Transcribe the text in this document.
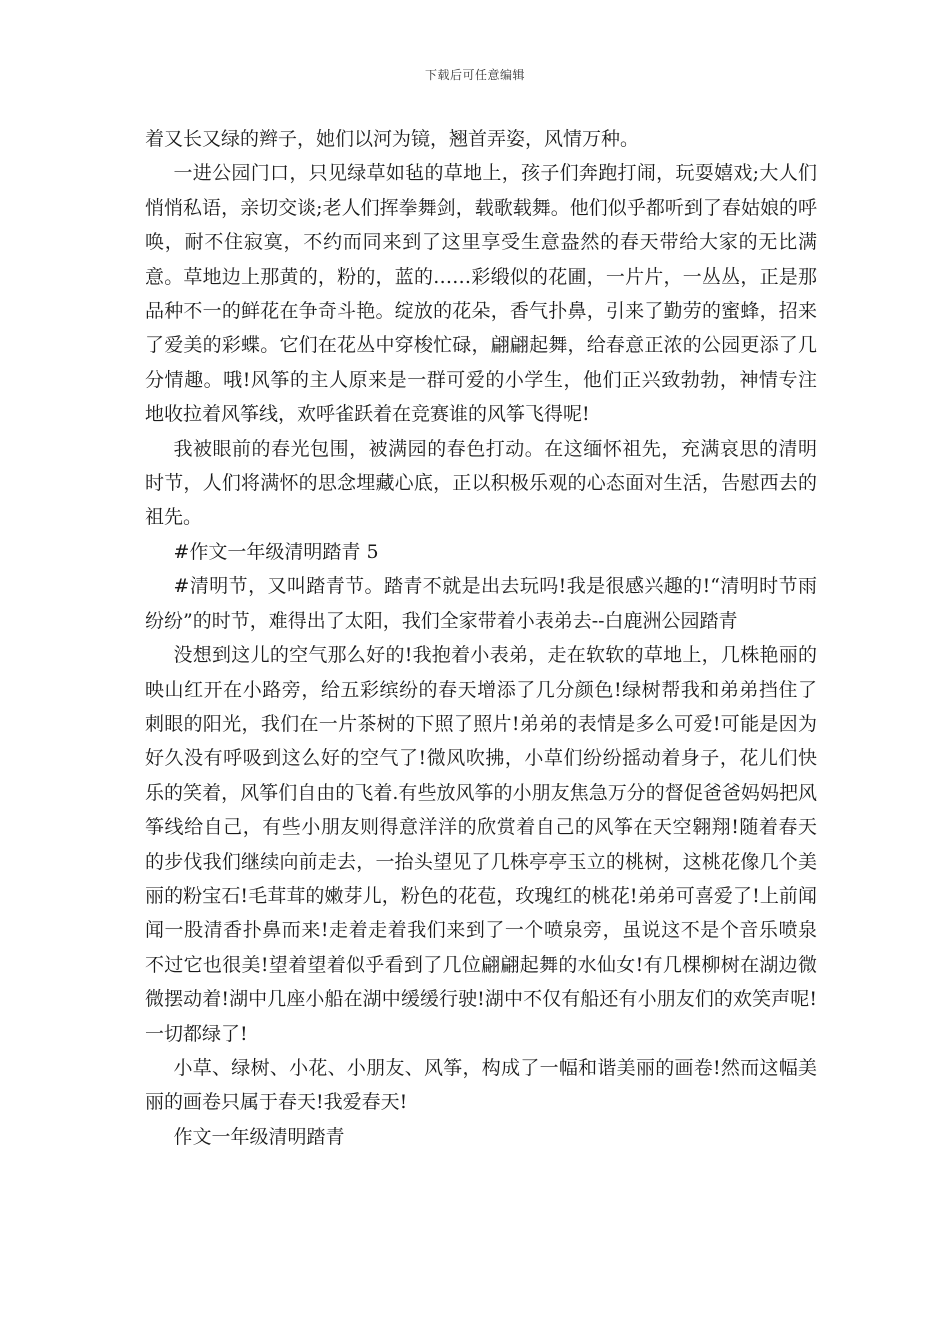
下载后可任意编辑

着又长又绿的辫子，她们以河为镜，翘首弄姿，风情万种。

一进公园门口，只见绿草如毡的草地上，孩子们奔跑打闹，玩耍嬉戏;大人们悄悄私语，亲切交谈;老人们挥拳舞剑，载歌载舞。他们似乎都听到了春姑娘的呼唤，耐不住寂寞，不约而同来到了这里享受生意盎然的春天带给大家的无比满意。草地边上那黄的，粉的，蓝的……彩缎似的花圃，一片片，一丛丛，正是那品种不一的鲜花在争奇斗艳。绽放的花朵，香气扑鼻，引来了勤劳的蜜蜂，招来了爱美的彩蝶。它们在花丛中穿梭忙碌，翩翩起舞，给春意正浓的公园更添了几分情趣。哦!风筝的主人原来是一群可爱的小学生，他们正兴致勃勃，神情专注地收拉着风筝线，欢呼雀跃着在竞赛谁的风筝飞得呢!

我被眼前的春光包围，被满园的春色打动。在这缅怀祖先，充满哀思的清明时节，人们将满怀的思念埋藏心底，正以积极乐观的心态面对生活，告慰西去的祖先。

#作文一年级清明踏青 5

#清明节，又叫踏青节。踏青不就是出去玩吗!我是很感兴趣的!“清明时节雨纷纷”的时节，难得出了太阳，我们全家带着小表弟去--白鹿洲公园踏青

没想到这儿的空气那么好的!我抱着小表弟，走在软软的草地上，几株艳丽的映山红开在小路旁，给五彩缤纷的春天增添了几分颜色!绿树帮我和弟弟挡住了刺眼的阳光，我们在一片茶树的下照了照片!弟弟的表情是多么可爱!可能是因为好久没有呼吸到这么好的空气了!微风吹拂，小草们纷纷摇动着身子，花儿们快乐的笑着，风筝们自由的飞着.有些放风筝的小朋友焦急万分的督促爸爸妈妈把风筝线给自己，有些小朋友则得意洋洋的欣赏着自己的风筝在天空翱翔!随着春天的步伐我们继续向前走去，一抬头望见了几株亭亭玉立的桃树，这桃花像几个美丽的粉宝石!毛茸茸的嫩芽儿，粉色的花苞，玫瑰红的桃花!弟弟可喜爱了!上前闻闻一股清香扑鼻而来!走着走着我们来到了一个喷泉旁，虽说这不是个音乐喷泉不过它也很美!望着望着似乎看到了几位翩翩起舞的水仙女!有几棵柳树在湖边微微摆动着!湖中几座小船在湖中缓缓行驶!湖中不仅有船还有小朋友们的欢笑声呢!一切都绿了!

小草、绿树、小花、小朋友、风筝，构成了一幅和谐美丽的画卷!然而这幅美丽的画卷只属于春天!我爱春天!

作文一年级清明踏青
